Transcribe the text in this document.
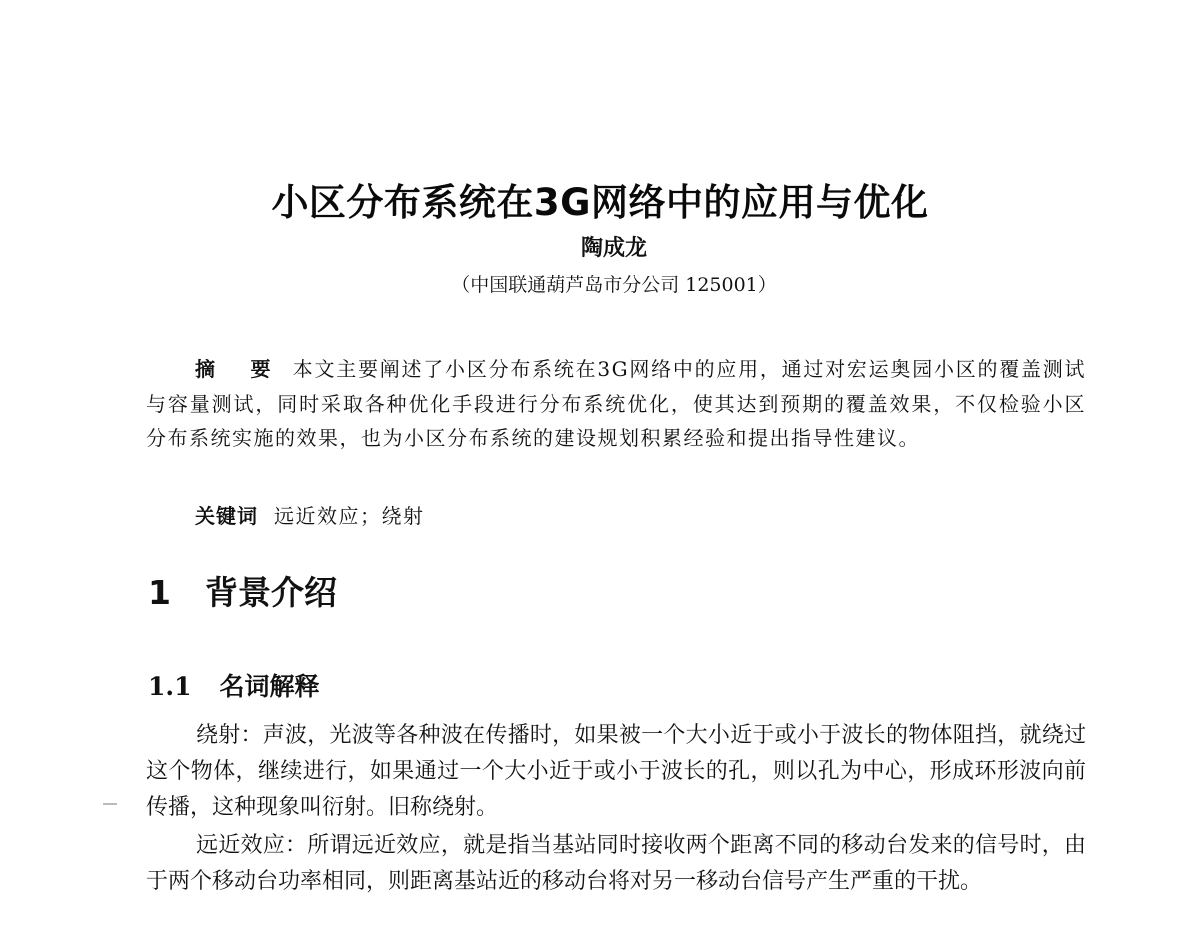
小区分布系统在3G网络中的应用与优化
陶成龙
（中国联通葫芦岛市分公司 125001）

摘 要 本文主要阐述了小区分布系统在3G网络中的应用，通过对宏运奥园小区的覆盖测试与容量测试，同时采取各种优化手段进行分布系统优化，使其达到预期的覆盖效果，不仅检验小区分布系统实施的效果，也为小区分布系统的建设规划积累经验和提出指导性建议。

关键词 远近效应；绕射

1 背景介绍
1.1 名词解释

绕射：声波，光波等各种波在传播时，如果被一个大小近于或小于波长的物体阻挡，就绕过这个物体，继续进行，如果通过一个大小近于或小于波长的孔，则以孔为中心，形成环形波向前传播，这种现象叫衍射。旧称绕射。

远近效应：所谓远近效应，就是指当基站同时接收两个距离不同的移动台发来的信号时，由于两个移动台功率相同，则距离基站近的移动台将对另一移动台信号产生严重的干扰。
